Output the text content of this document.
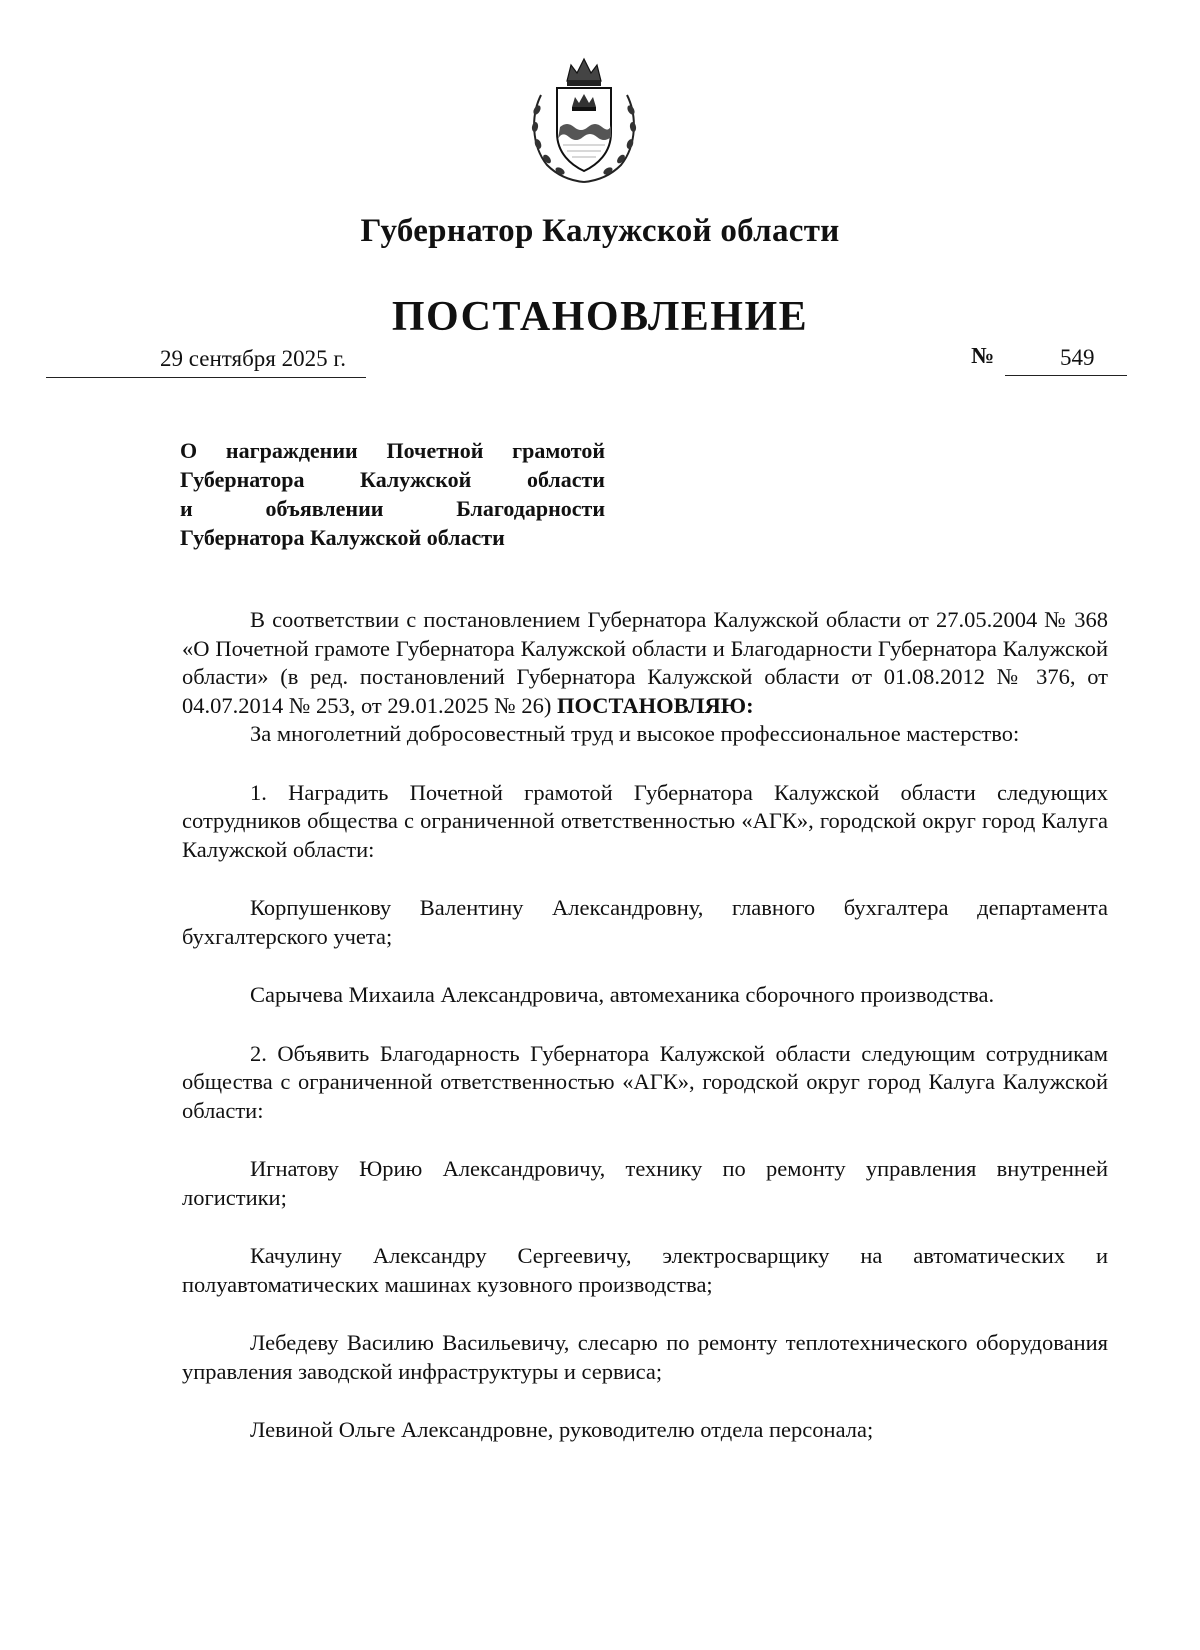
Губернатор Калужской области
ПОСТАНОВЛЕНИЕ
29 сентября 2025 г.	№	549
О награждении Почетной грамотой
Губернатора Калужской области
и объявлении Благодарности
Губернатора Калужской области

В соответствии с постановлением Губернатора Калужской области от 27.05.2004 № 368 «О Почетной грамоте Губернатора Калужской области и Благодарности Губернатора Калужской области» (в ред. постановлений Губернатора Калужской области от 01.08.2012 № 376, от 04.07.2014 № 253, от 29.01.2025 № 26) ПОСТАНОВЛЯЮ:

За многолетний добросовестный труд и высокое профессиональное мастерство:

1. Наградить Почетной грамотой Губернатора Калужской области следующих сотрудников общества с ограниченной ответственностью «АГК», городской округ город Калуга Калужской области:

Корпушенкову Валентину Александровну, главного бухгалтера департамента бухгалтерского учета;

Сарычева Михаила Александровича, автомеханика сборочного производства.

2. Объявить Благодарность Губернатора Калужской области следующим сотрудникам общества с ограниченной ответственностью «АГК», городской округ город Калуга Калужской области:

Игнатову Юрию Александровичу, технику по ремонту управления внутренней логистики;

Качулину Александру Сергеевичу, электросварщику на автоматических и полуавтоматических машинах кузовного производства;

Лебедеву Василию Васильевичу, слесарю по ремонту теплотехнического оборудования управления заводской инфраструктуры и сервиса;

Левиной Ольге Александровне, руководителю отдела персонала;
